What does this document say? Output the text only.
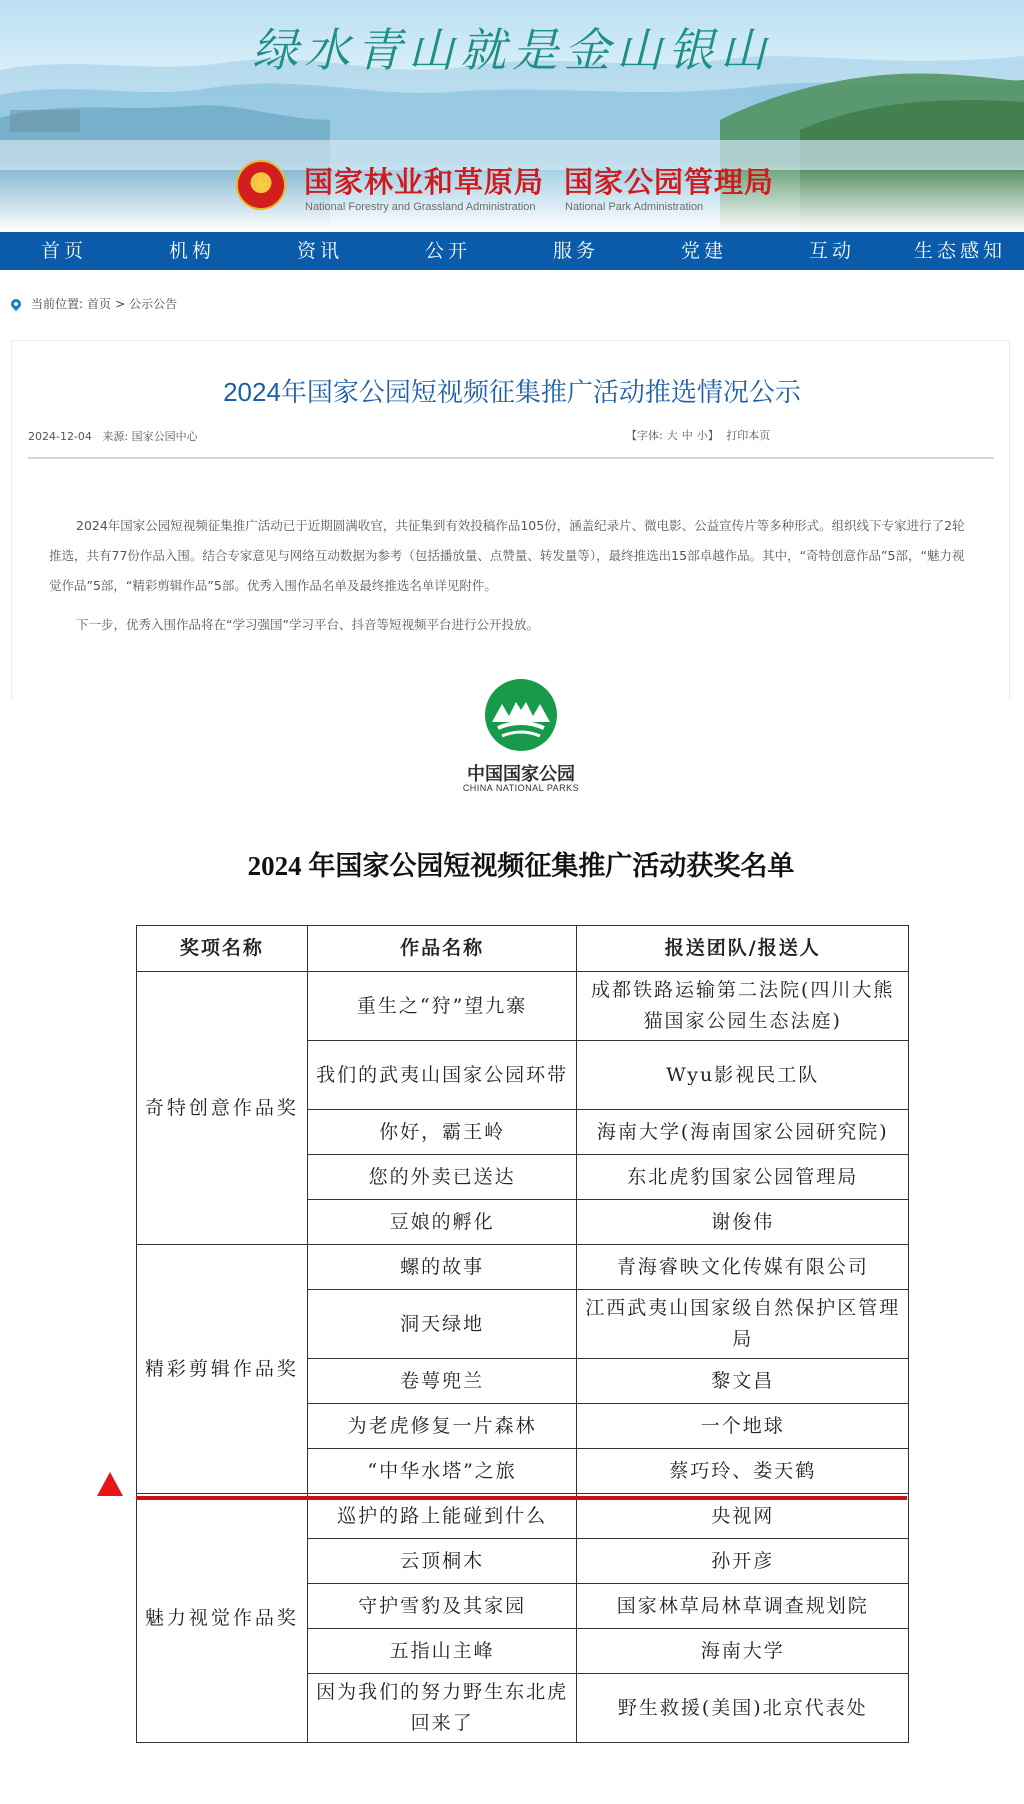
绿水青山就是金山银山
★	国家林业和草原局
National Forestry and Grassland Administration
国家公园管理局
National Park Administration
首页	机构	资讯	公开	服务	党建	互动	生态感知
当前位置: 首页 > 公示公告
2024年国家公园短视频征集推广活动推选情况公示
2024-12-04 来源: 国家公园中心	【字体: 大 中 小】 打印本页

2024年国家公园短视频征集推广活动已于近期圆满收官，共征集到有效投稿作品105份，涵盖纪录片、微电影、公益宣传片等多种形式。组织线下专家进行了2轮推选，共有77份作品入围。结合专家意见与网络互动数据为参考（包括播放量、点赞量、转发量等），最终推选出15部卓越作品。其中，“奇特创意作品”5部，“魅力视觉作品”5部，“精彩剪辑作品”5部。优秀入围作品名单及最终推选名单详见附件。

下一步，优秀入围作品将在“学习强国”学习平台、抖音等短视频平台进行公开投放。

中国国家公园
CHINA NATIONAL PARKS
2024 年国家公园短视频征集推广活动获奖名单
奖项名称	作品名称	报送团队/报送人
奇特创意作品奖	重生之“狩”望九寨	成都铁路运输第二法院(四川大熊猫国家公园生态法庭)
	我们的武夷山国家公园环带	Wyu影视民工队
	你好，霸王岭	海南大学(海南国家公园研究院)
	您的外卖已送达	东北虎豹国家公园管理局
	豆娘的孵化	谢俊伟
精彩剪辑作品奖	螺的故事	青海睿映文化传媒有限公司
	洞天绿地	江西武夷山国家级自然保护区管理局
	卷萼兜兰	黎文昌
	为老虎修复一片森林	一个地球
	“中华水塔”之旅	蔡巧玲、娄天鹤
魅力视觉作品奖	巡护的路上能碰到什么	央视网
	云顶桐木	孙开彦
	守护雪豹及其家园	国家林草局林草调查规划院
	五指山主峰	海南大学
	因为我们的努力野生东北虎回来了	野生救援(美国)北京代表处
